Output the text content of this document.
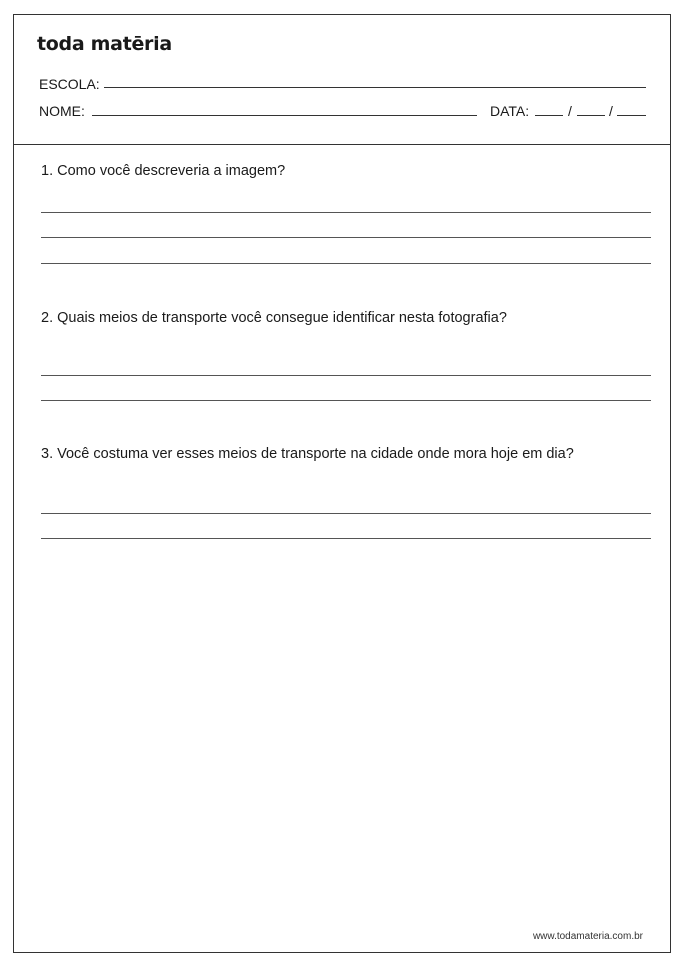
toda matēria
ESCOLA:
NOME:	DATA:	/	/
1. Como você descreveria a imagem?
2. Quais meios de transporte você consegue identificar nesta fotografia?
3. Você costuma ver esses meios de transporte na cidade onde mora hoje em dia?
www.todamateria.com.br
